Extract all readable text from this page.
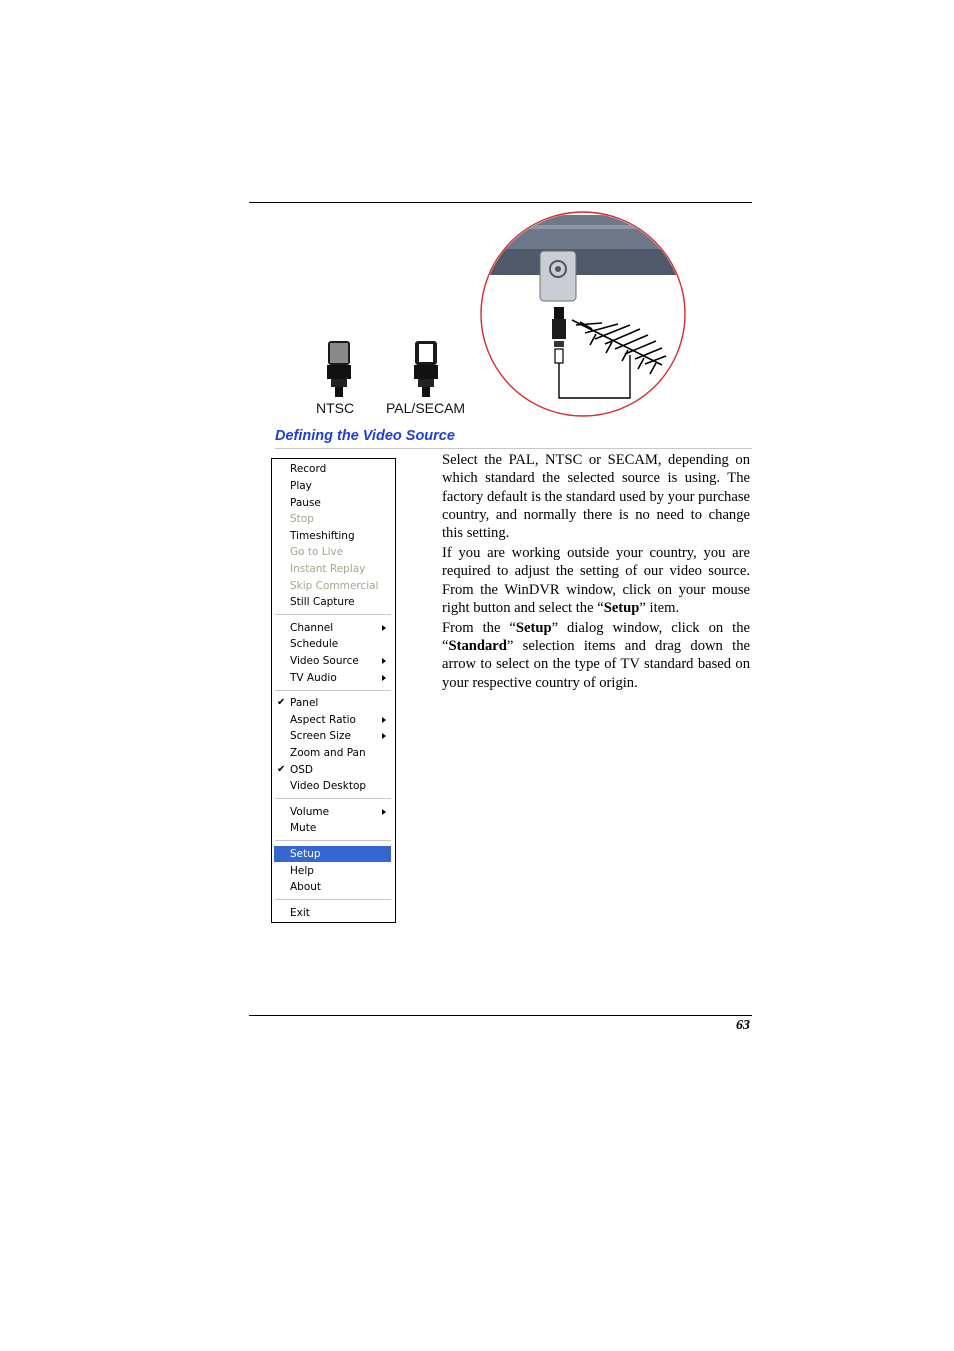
NTSC PAL/SECAM
Defining the Video Source
Record
Play
Pause
Stop
Timeshifting
Go to Live
Instant Replay
Skip Commercial
Still Capture
Channel
Schedule
Video Source
TV Audio
✔ Panel
Aspect Ratio
Screen Size
Zoom and Pan
✔ OSD
Video Desktop
Volume
Mute
Setup
Help
About
Exit

Select the PAL, NTSC or SECAM, depending on which standard the selected source is using. The factory default is the standard used by your purchase country, and normally there is no need to change this setting.

If you are working outside your country, you are required to adjust the setting of our video source. From the WinDVR window, click on your mouse right button and select the “Setup” item.

From the “Setup” dialog window, click on the “Standard” selection items and drag down the arrow to select on the type of TV standard based on your respective country of origin.

63
